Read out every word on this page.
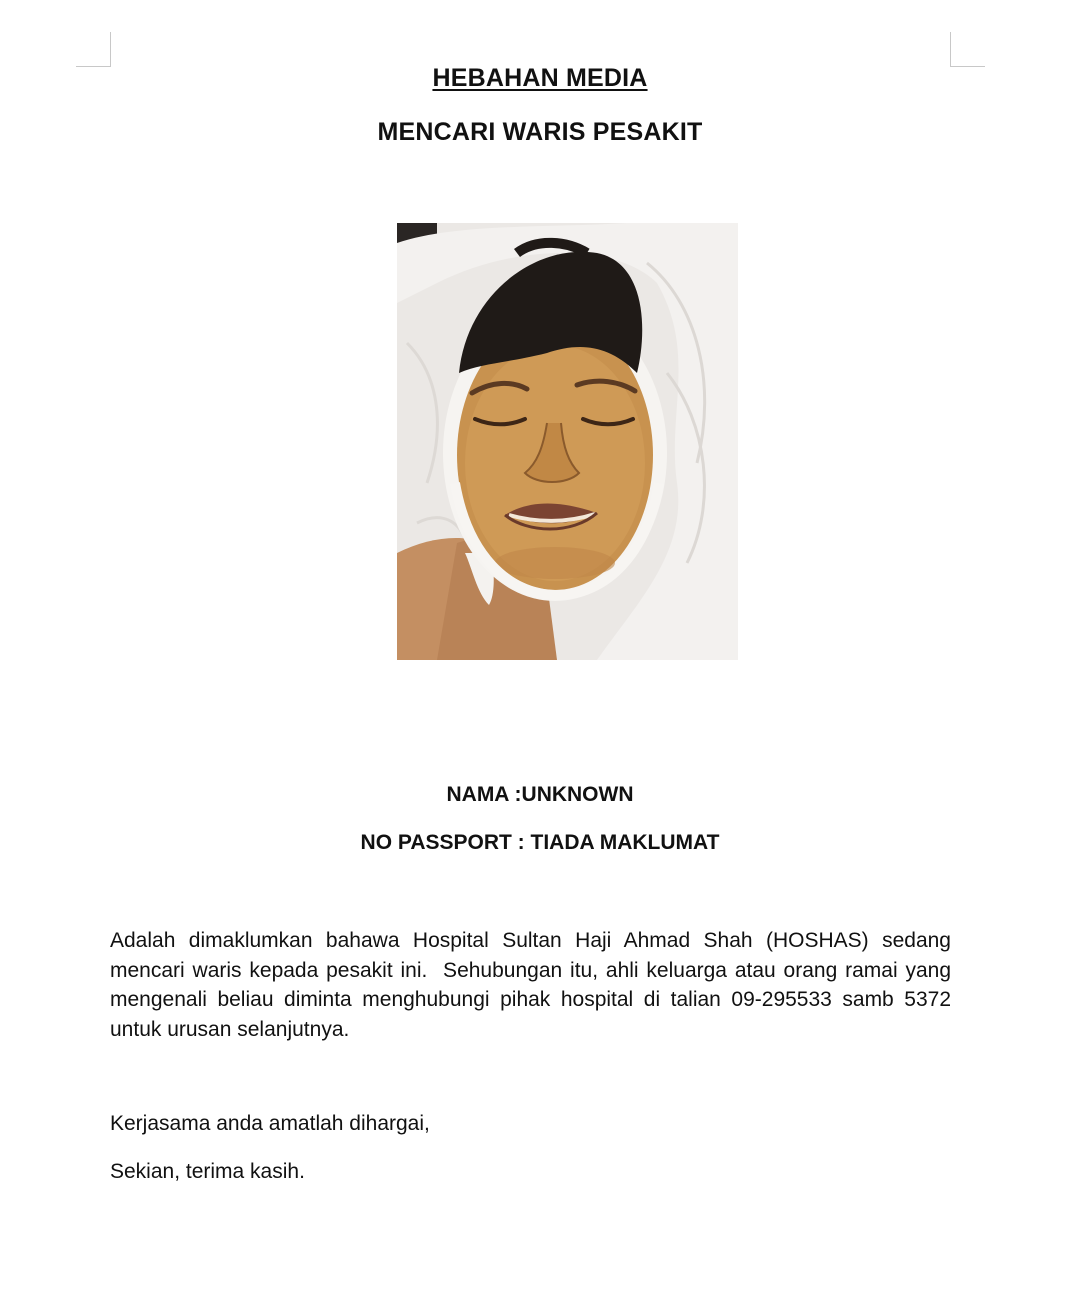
HEBAHAN MEDIA
MENCARI WARIS PESAKIT
NAMA :UNKNOWN
NO PASSPORT : TIADA MAKLUMAT
Adalah dimaklumkan bahawa Hospital Sultan Haji Ahmad Shah (HOSHAS) sedang mencari waris kepada pesakit ini.  Sehubungan itu, ahli keluarga atau orang ramai yang mengenali beliau diminta menghubungi pihak hospital di talian 09-295533 samb 5372 untuk urusan selanjutnya.
Kerjasama anda amatlah dihargai,
Sekian, terima kasih.
